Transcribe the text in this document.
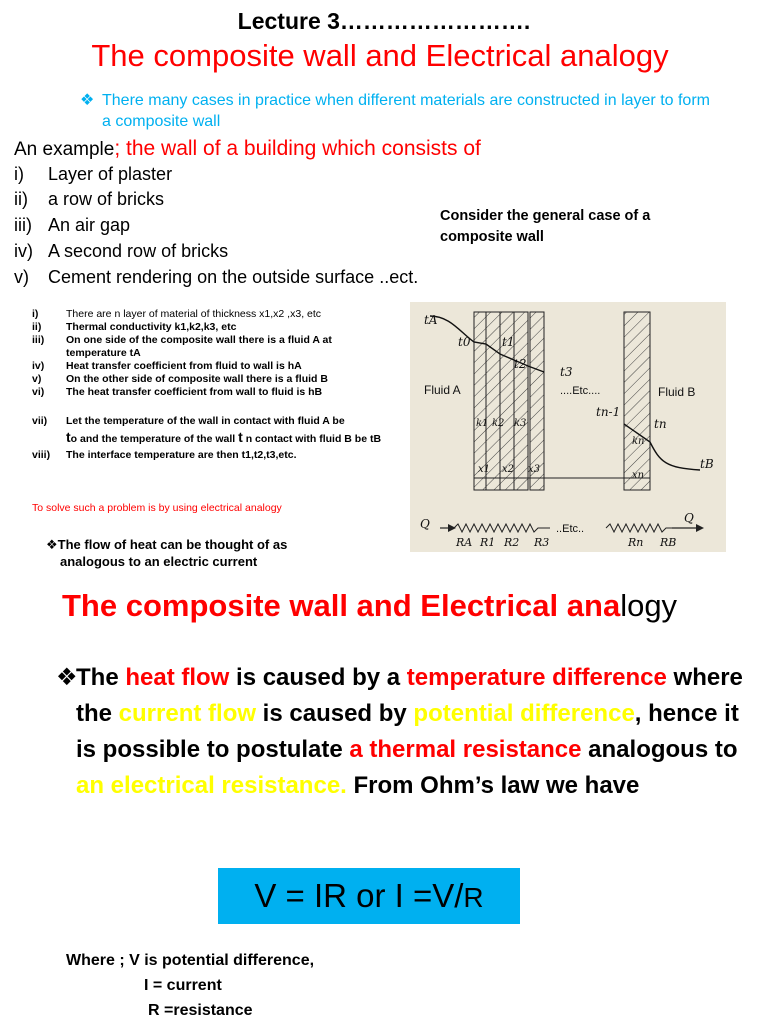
Lecture 3…………………….
The composite wall and Electrical analogy
❖ There many cases in practice when different materials are constructed in layer to form a composite wall
An example; the wall of a building which consists of
i) Layer of plaster
ii) a row of bricks
iii) An air gap
iv) A second row of bricks
v) Cement rendering on the outside surface ..ect.
Consider the general case of a composite wall
i)	There are n layer of material of thickness x1,x2 ,x3, etc
ii)	Thermal conductivity k1,k2,k3, etc
iii)	On one side of the composite wall there is a fluid A at temperature tA
iv)	Heat transfer coefficient from fluid to wall is hA
v)	On the other side of composite wall there is a fluid B
vi)	The heat transfer coefficient from wall to fluid is hB
vii)	Let the temperature of the wall in contact with fluid A be
to and the temperature of the wall t n contact with fluid B be tB
viii)	The interface temperature are then t1,t2,t3,etc.
To solve such a problem is by using electrical analogy
❖The flow of heat can be thought of as
analogous to an electric current
tA
t0	t1
t2
t3
Fluid A	Fluid B
....Etc....
tn-1
tn
tB
k1 k2 k3
kn
x1 x2 x3
xn
Q	Q
..Etc..
RA R1 R2 R3	Rn RB
The composite wall and Electrical analogy
❖
The heat flow is caused by a temperature difference where the current flow is caused by potential difference, hence it is possible to postulate a thermal resistance analogous to an electrical resistance. From Ohm’s law we have
V = IR or I =V/R
Where ; V is potential difference,
I = current
R =resistance
